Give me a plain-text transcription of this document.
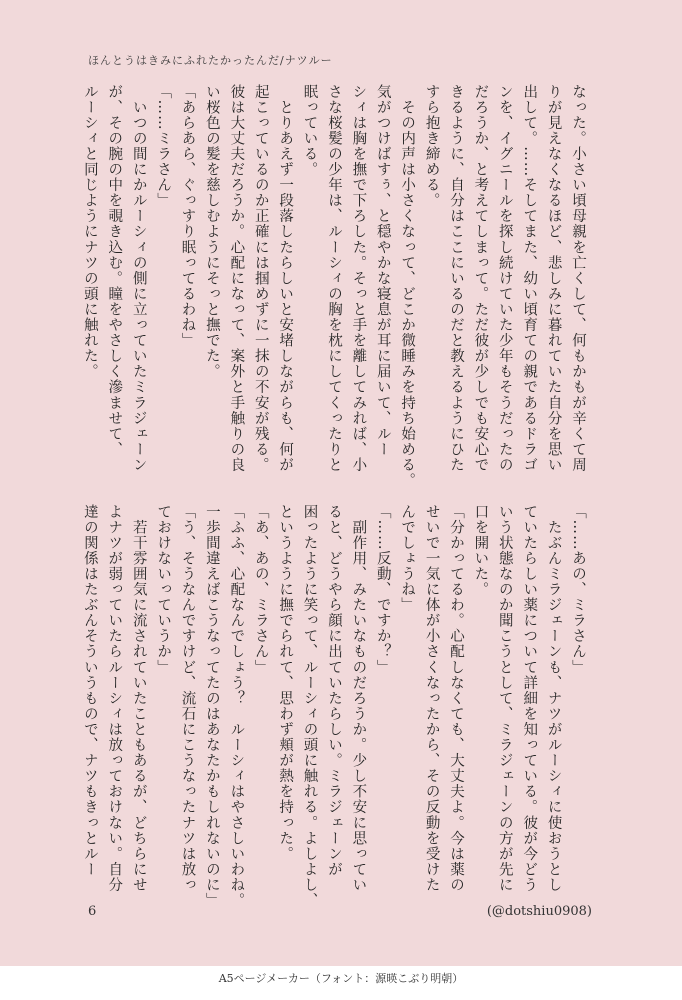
ほんとうはきみにふれたかったんだ/ナツルー
なった。小さい頃母親を亡くして、何もかもが辛くて周
りが見えなくなるほど、悲しみに暮れていた自分を思い
出して。……そしてまた、幼い頃育ての親であるドラゴ
ンを、イグニールを探し続けていた少年もそうだったの
だろうか、と考えてしまって。ただ彼が少しでも安心で
きるように、自分はここにいるのだと教えるようにひた
すら抱き締める。
　その内声は小さくなって、どこか微睡みを持ち始める。
気がつけばすぅ、と穏やかな寝息が耳に届いて、ルー
シィは胸を撫で下ろした。そっと手を離してみれば、小
さな桜髪の少年は、ルーシィの胸を枕にしてくったりと
眠っている。
　とりあえず一段落したらしいと安堵しながらも、何が
起こっているのか正確には掴めずに一抹の不安が残る。
彼は大丈夫だろうか。心配になって、案外と手触りの良
い桜色の髪を慈しむようにそっと撫でた。
「あらあら、ぐっすり眠ってるわね」
「……ミラさん」
　いつの間にかルーシィの側に立っていたミラジェーン
が、その腕の中を覗き込む。瞳をやさしく滲ませて、
ルーシィと同じようにナツの頭に触れた。
「……あの、ミラさん」
　たぶんミラジェーンも、ナツがルーシィに使おうとし
ていたらしい薬について詳細を知っている。彼が今どう
いう状態なのか聞こうとして、ミラジェーンの方が先に
口を開いた。
「分かってるわ。心配しなくても、大丈夫よ。今は薬の
せいで一気に体が小さくなったから、その反動を受けた
んでしょうね」
「……反動、ですか？」
　副作用、みたいなものだろうか。少し不安に思ってい
ると、どうやら顔に出ていたらしい。ミラジェーンが
困ったように笑って、ルーシィの頭に触れる。よしよし、
というように撫でられて、思わず頬が熱を持った。
「あ、あの、ミラさん」
「ふふ、心配なんでしょう？　ルーシィはやさしいわね。
一歩間違えばこうなってたのはあなたかもしれないのに」
「う、そうなんですけど、流石にこうなったナツは放っ
ておけないっていうか」
　若干雰囲気に流されていたこともあるが、どちらにせ
よナツが弱っていたらルーシィは放っておけない。自分
達の関係はたぶんそういうもので、ナツもきっとルー
6	(@dotshiu0908)
A5ページメーカー（フォント：源暎こぶり明朝）
